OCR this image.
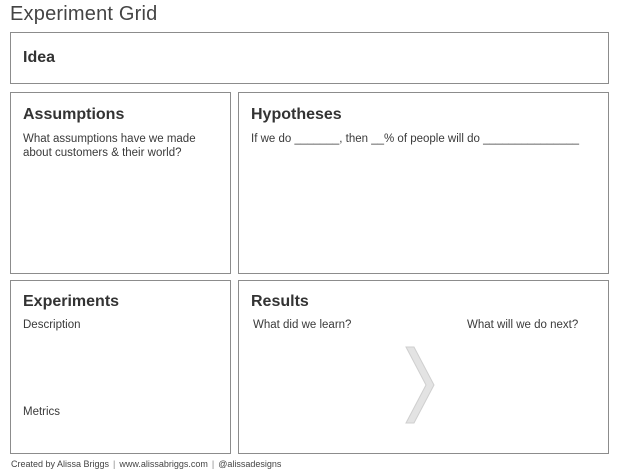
Experiment Grid
Idea
Assumptions
What assumptions have we made about customers & their world?
Hypotheses
If we do _______, then __% of people will do _______________
Experiments
Description
Metrics
Results
What did we learn?	What will we do next?
Created by Alissa Briggs | www.alissabriggs.com | @alissadesigns
